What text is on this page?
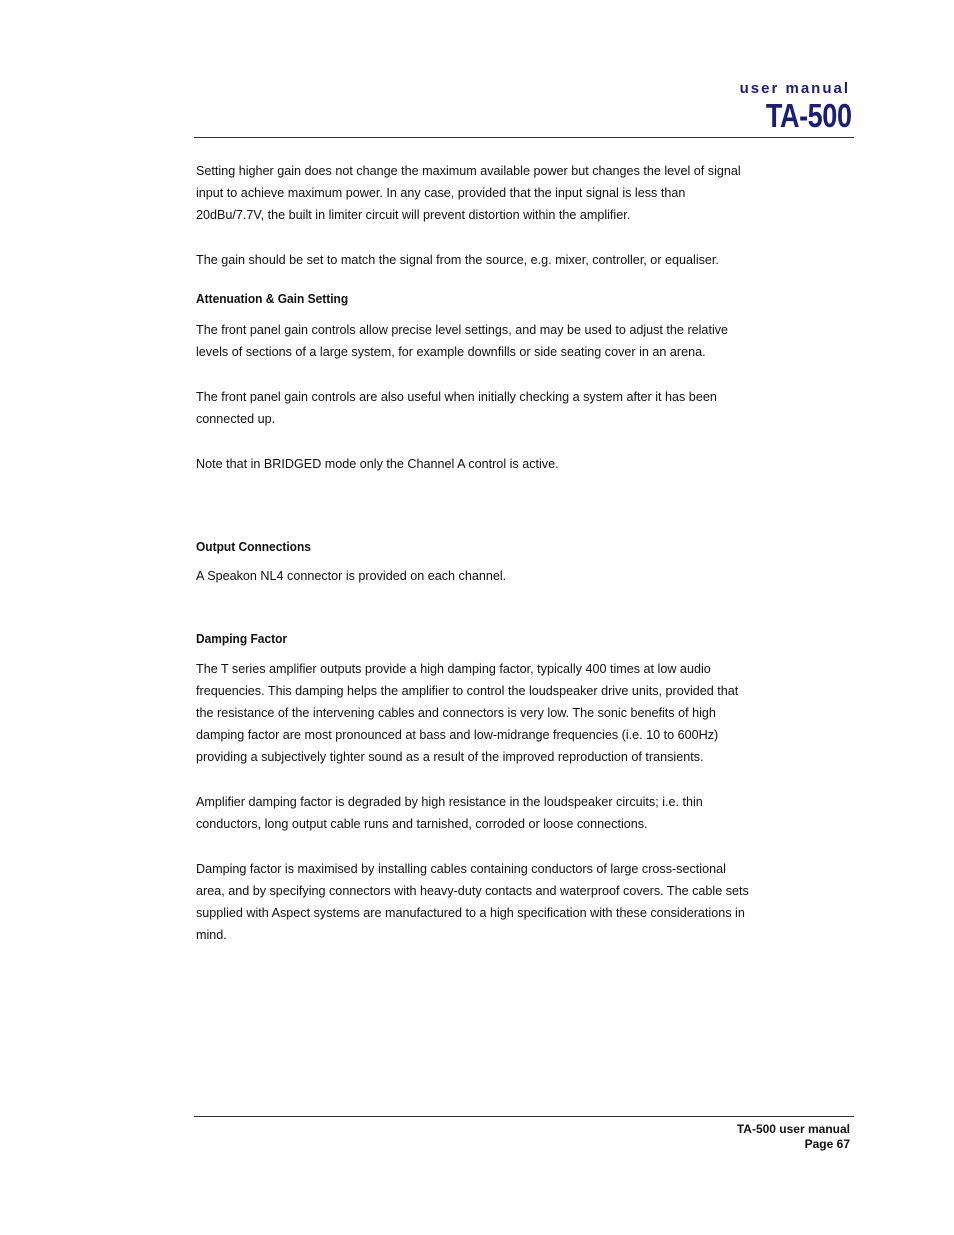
user manual
TA-500

Setting higher gain does not change the maximum available power but changes the level of signal input to achieve maximum power. In any case, provided that the input signal is less than 20dBu/7.7V, the built in limiter circuit will prevent distortion within the amplifier.

The gain should be set to match the signal from the source, e.g. mixer, controller, or equaliser.

Attenuation & Gain Setting

The front panel gain controls allow precise level settings, and may be used to adjust the relative levels of sections of a large system, for example downfills or side seating cover in an arena.

The front panel gain controls are also useful when initially checking a system after it has been connected up.

Note that in BRIDGED mode only the Channel A control is active.

Output Connections

A Speakon NL4 connector is provided on each channel.

Damping Factor

The T series amplifier outputs provide a high damping factor, typically 400 times at low audio frequencies. This damping helps the amplifier to control the loudspeaker drive units, provided that the resistance of the intervening cables and connectors is very low. The sonic benefits of high damping factor are most pronounced at bass and low-midrange frequencies (i.e. 10 to 600Hz) providing a subjectively tighter sound as a result of the improved reproduction of transients.

Amplifier damping factor is degraded by high resistance in the loudspeaker circuits; i.e. thin conductors, long output cable runs and tarnished, corroded or loose connections.

Damping factor is maximised by installing cables containing conductors of large cross-sectional area, and by specifying connectors with heavy-duty contacts and waterproof covers. The cable sets supplied with Aspect systems are manufactured to a high specification with these considerations in mind.

TA-500 user manual
Page 67
